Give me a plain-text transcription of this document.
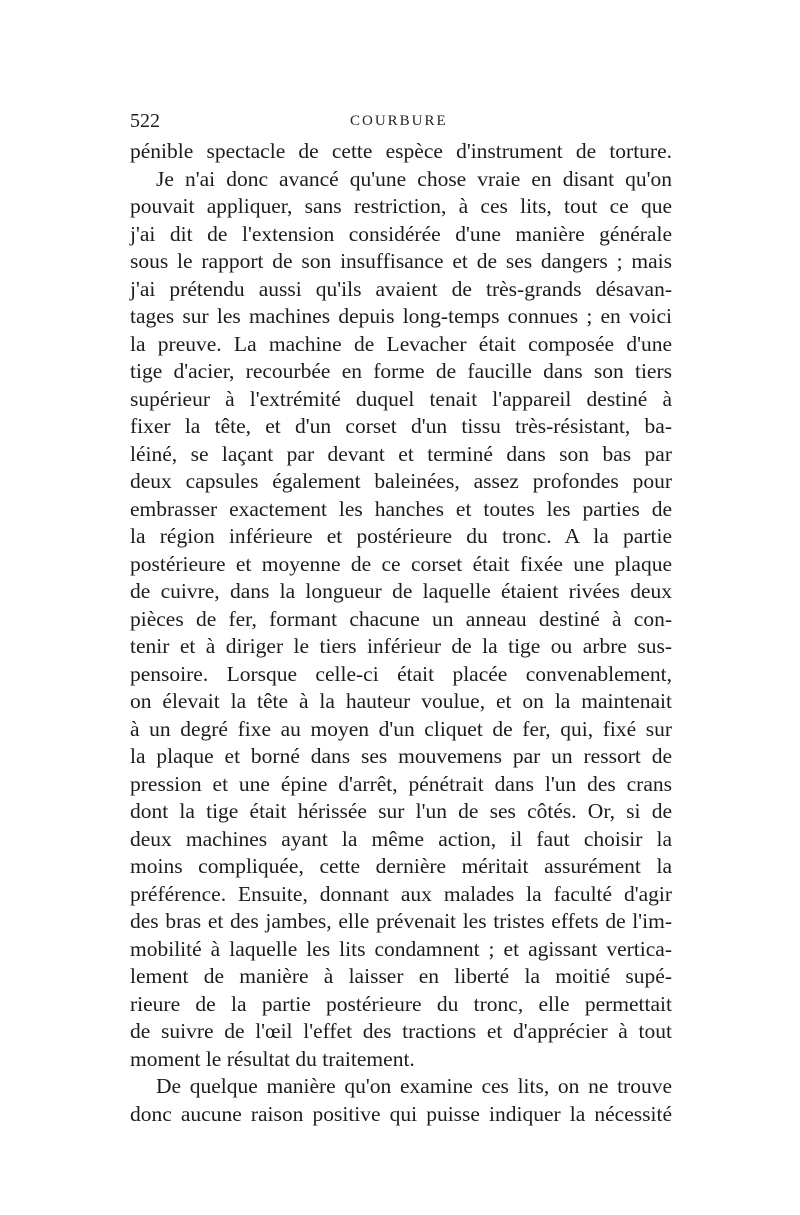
522	COURBURE
pénible spectacle de cette espèce d'instrument de torture.
Je n'ai donc avancé qu'une chose vraie en disant qu'on
pouvait appliquer, sans restriction, à ces lits, tout ce que
j'ai dit de l'extension considérée d'une manière générale
sous le rapport de son insuffisance et de ses dangers ; mais
j'ai prétendu aussi qu'ils avaient de très-grands désavan-
tages sur les machines depuis long-temps connues ; en voici
la preuve. La machine de Levacher était composée d'une
tige d'acier, recourbée en forme de faucille dans son tiers
supérieur à l'extrémité duquel tenait l'appareil destiné à
fixer la tête, et d'un corset d'un tissu très-résistant, ba-
léiné, se laçant par devant et terminé dans son bas par
deux capsules également baleinées, assez profondes pour
embrasser exactement les hanches et toutes les parties de
la région inférieure et postérieure du tronc. A la partie
postérieure et moyenne de ce corset était fixée une plaque
de cuivre, dans la longueur de laquelle étaient rivées deux
pièces de fer, formant chacune un anneau destiné à con-
tenir et à diriger le tiers inférieur de la tige ou arbre sus-
pensoire. Lorsque celle-ci était placée convenablement,
on élevait la tête à la hauteur voulue, et on la maintenait
à un degré fixe au moyen d'un cliquet de fer, qui, fixé sur
la plaque et borné dans ses mouvemens par un ressort de
pression et une épine d'arrêt, pénétrait dans l'un des crans
dont la tige était hérissée sur l'un de ses côtés. Or, si de
deux machines ayant la même action, il faut choisir la
moins compliquée, cette dernière méritait assurément la
préférence. Ensuite, donnant aux malades la faculté d'agir
des bras et des jambes, elle prévenait les tristes effets de l'im-
mobilité à laquelle les lits condamnent ; et agissant vertica-
lement de manière à laisser en liberté la moitié supé-
rieure de la partie postérieure du tronc, elle permettait
de suivre de l'œil l'effet des tractions et d'apprécier à tout
moment le résultat du traitement.
De quelque manière qu'on examine ces lits, on ne trouve
donc aucune raison positive qui puisse indiquer la nécessité
